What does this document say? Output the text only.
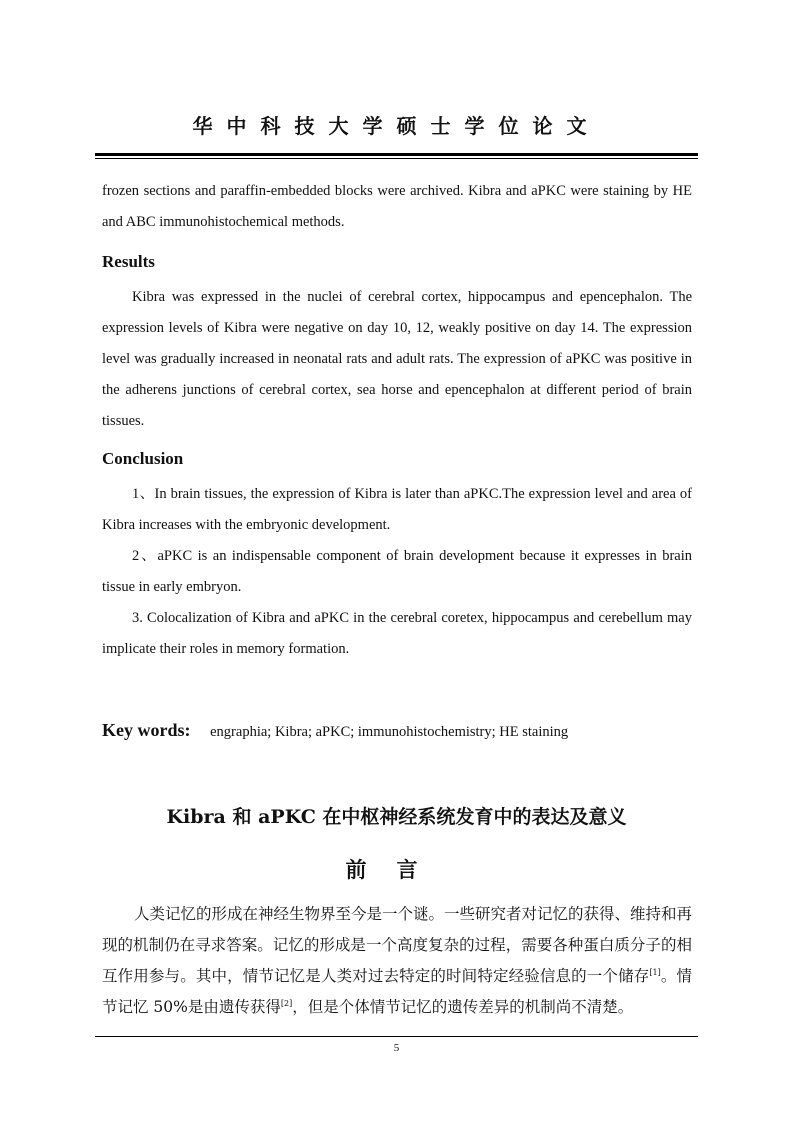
华中科技大学硕士学位论文

frozen sections and paraffin-embedded blocks were archived. Kibra and aPKC were staining by HE and ABC immunohistochemical methods.

Results

Kibra was expressed in the nuclei of cerebral cortex, hippocampus and epencephalon. The expression levels of Kibra were negative on day 10, 12, weakly positive on day 14. The expression level was gradually increased in neonatal rats and adult rats. The expression of aPKC was positive in the adherens junctions of cerebral cortex, sea horse and epencephalon at different period of brain tissues.

Conclusion

1、In brain tissues, the expression of Kibra is later than aPKC.The expression level and area of Kibra increases with the embryonic development.

2、aPKC is an indispensable component of brain development because it expresses in brain tissue in early embryon.

3. Colocalization of Kibra and aPKC in the cerebral coretex, hippocampus and cerebellum may implicate their roles in memory formation.

Key words: engraphia; Kibra; aPKC; immunohistochemistry; HE staining
Kibra 和 aPKC 在中枢神经系统发育中的表达及意义
前言

人类记忆的形成在神经生物界至今是一个谜。一些研究者对记忆的获得、维持和再现的机制仍在寻求答案。记忆的形成是一个高度复杂的过程，需要各种蛋白质分子的相互作用参与。其中，情节记忆是人类对过去特定的时间特定经验信息的一个储存[1]。情节记忆 50%是由遗传获得[2]，但是个体情节记忆的遗传差异的机制尚不清楚。

5
